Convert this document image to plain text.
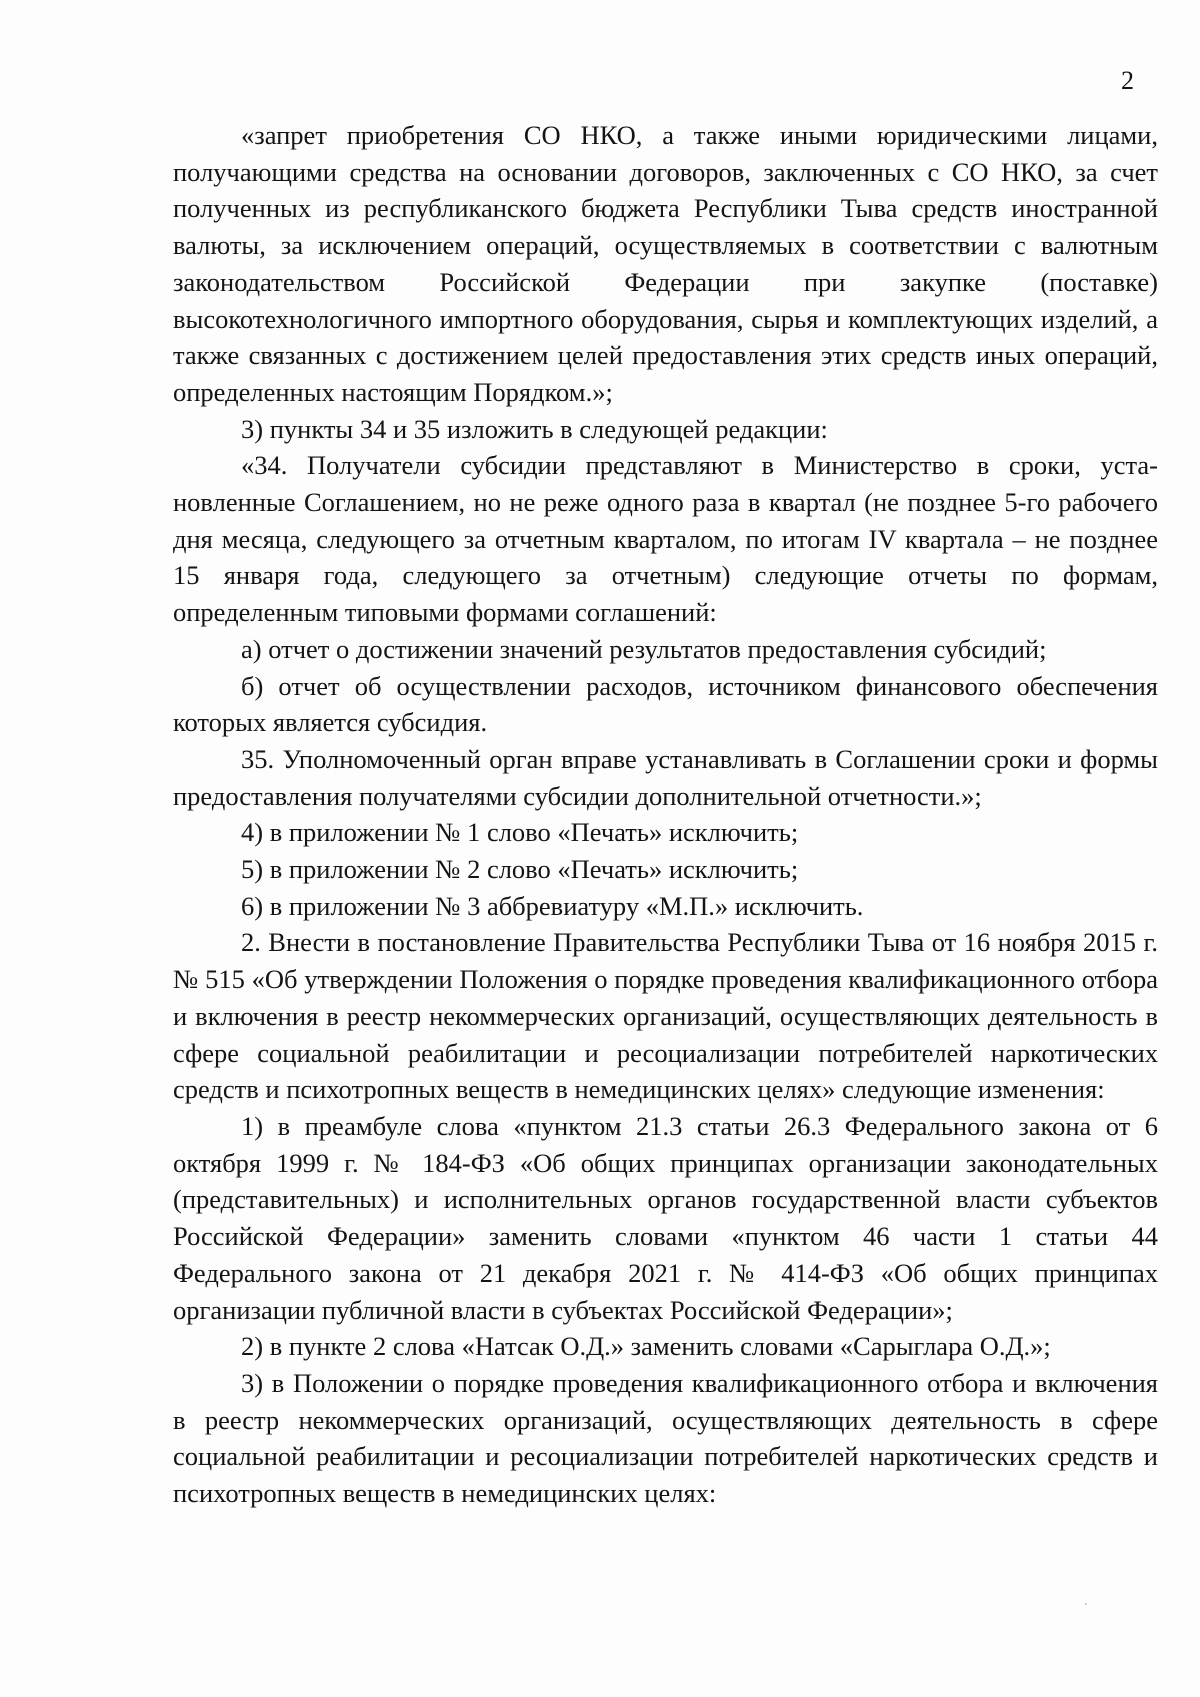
2

«запрет приобретения СО НКО, а также иными юридическими лицами, получающими средства на основании договоров, заключенных с СО НКО, за счет полученных из республиканского бюджета Республики Тыва средств иностранной валюты, за исключением операций, осуществляемых в соответствии с валютным законодательством Российской Федерации при закупке (поставке) высокотехнологичного импортного оборудования, сырья и комплектующих изделий, а также связанных с достижением целей предоставления этих средств иных операций, определенных настоящим Порядком.»;

3) пункты 34 и 35 изложить в следующей редакции:

«34. Получатели субсидии представляют в Министерство в сроки, установленные Соглашением, но не реже одного раза в квартал (не позднее 5-го рабочего дня месяца, следующего за отчетным кварталом, по итогам IV квартала – не позднее 15 января года, следующего за отчетным) следующие отчеты по формам, определенным типовыми формами соглашений:

а) отчет о достижении значений результатов предоставления субсидий;

б) отчет об осуществлении расходов, источником финансового обеспечения которых является субсидия.

35. Уполномоченный орган вправе устанавливать в Соглашении сроки и формы предоставления получателями субсидии дополнительной отчетности.»;

4) в приложении № 1 слово «Печать» исключить;

5) в приложении № 2 слово «Печать» исключить;

6) в приложении № 3 аббревиатуру «М.П.» исключить.

2. Внести в постановление Правительства Республики Тыва от 16 ноября 2015 г. № 515 «Об утверждении Положения о порядке проведения квалификационного отбора и включения в реестр некоммерческих организаций, осуществляющих деятельность в сфере социальной реабилитации и ресоциализации потребителей наркотических средств и психотропных веществ в немедицинских целях» следующие изменения:

1) в преамбуле слова «пунктом 21.3 статьи 26.3 Федерального закона от 6 октября 1999 г. № 184-ФЗ «Об общих принципах организации законодательных (представительных) и исполнительных органов государственной власти субъектов Российской Федерации» заменить словами «пунктом 46 части 1 статьи 44 Федерального закона от 21 декабря 2021 г. № 414-ФЗ «Об общих принципах организации публичной власти в субъектах Российской Федерации»;

2) в пункте 2 слова «Натсак О.Д.» заменить словами «Сарыглара О.Д.»;

3) в Положении о порядке проведения квалификационного отбора и включения в реестр некоммерческих организаций, осуществляющих деятельность в сфере социальной реабилитации и ресоциализации потребителей наркотических средств и психотропных веществ в немедицинских целях:
